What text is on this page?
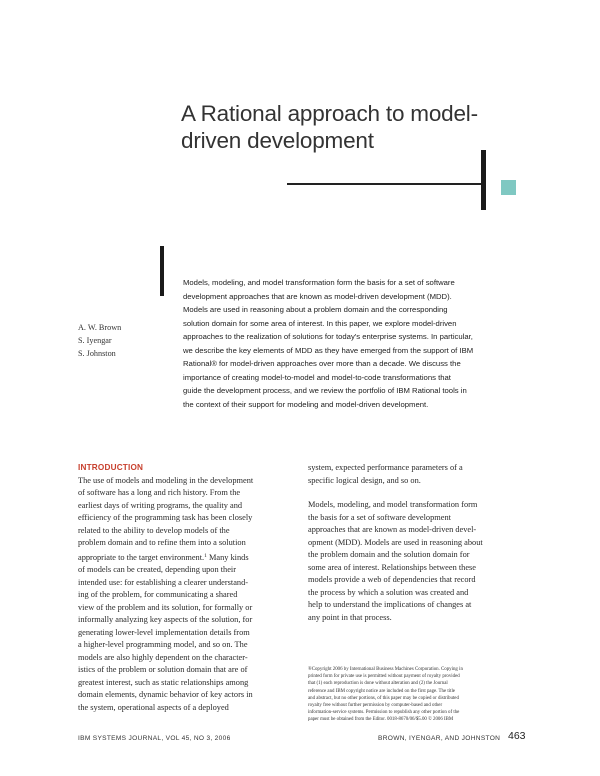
A Rational approach to model-
driven development
A. W. Brown
S. Iyengar
S. Johnston
Models, modeling, and model transformation form the basis for a set of software
development approaches that are known as model-driven development (MDD).
Models are used in reasoning about a problem domain and the corresponding
solution domain for some area of interest. In this paper, we explore model-driven
approaches to the realization of solutions for today's enterprise systems. In particular,
we describe the key elements of MDD as they have emerged from the support of IBM
Rational® for model-driven approaches over more than a decade. We discuss the
importance of creating model-to-model and model-to-code transformations that
guide the development process, and we review the portfolio of IBM Rational tools in
the context of their support for modeling and model-driven development.
INTRODUCTION
The use of models and modeling in the development
of software has a long and rich history. From the
earliest days of writing programs, the quality and
efficiency of the programming task has been closely
related to the ability to develop models of the
problem domain and to refine them into a solution
appropriate to the target environment.$^1$ Many kinds
of models can be created, depending upon their
intended use: for establishing a clearer understand-
ing of the problem, for communicating a shared
view of the problem and its solution, for formally or
informally analyzing key aspects of the solution, for
generating lower-level implementation details from
a higher-level programming model, and so on. The
models are also highly dependent on the character-
istics of the problem or solution domain that are of
greatest interest, such as static relationships among
domain elements, dynamic behavior of key actors in
the system, operational aspects of a deployed
system, expected performance parameters of a
specific logical design, and so on.
Models, modeling, and model transformation form
the basis for a set of software development
approaches that are known as model-driven devel-
opment (MDD). Models are used in reasoning about
the problem domain and the solution domain for
some area of interest. Relationships between these
models provide a web of dependencies that record
the process by which a solution was created and
help to understand the implications of changes at
any point in that process.
®Copyright 2006 by International Business Machines Corporation. Copying in
printed form for private use is permitted without payment of royalty provided
that (1) each reproduction is done without alteration and (2) the Journal
reference and IBM copyright notice are included on the first page. The title
and abstract, but no other portions, of this paper may be copied or distributed
royalty free without further permission by computer-based and other
information-service systems. Permission to republish any other portion of the
paper must be obtained from the Editor. 0018-8670/06/$5.00 © 2006 IBM
IBM SYSTEMS JOURNAL, VOL 45, NO 3, 2006	BROWN, IYENGAR, AND JOHNSTON 463
